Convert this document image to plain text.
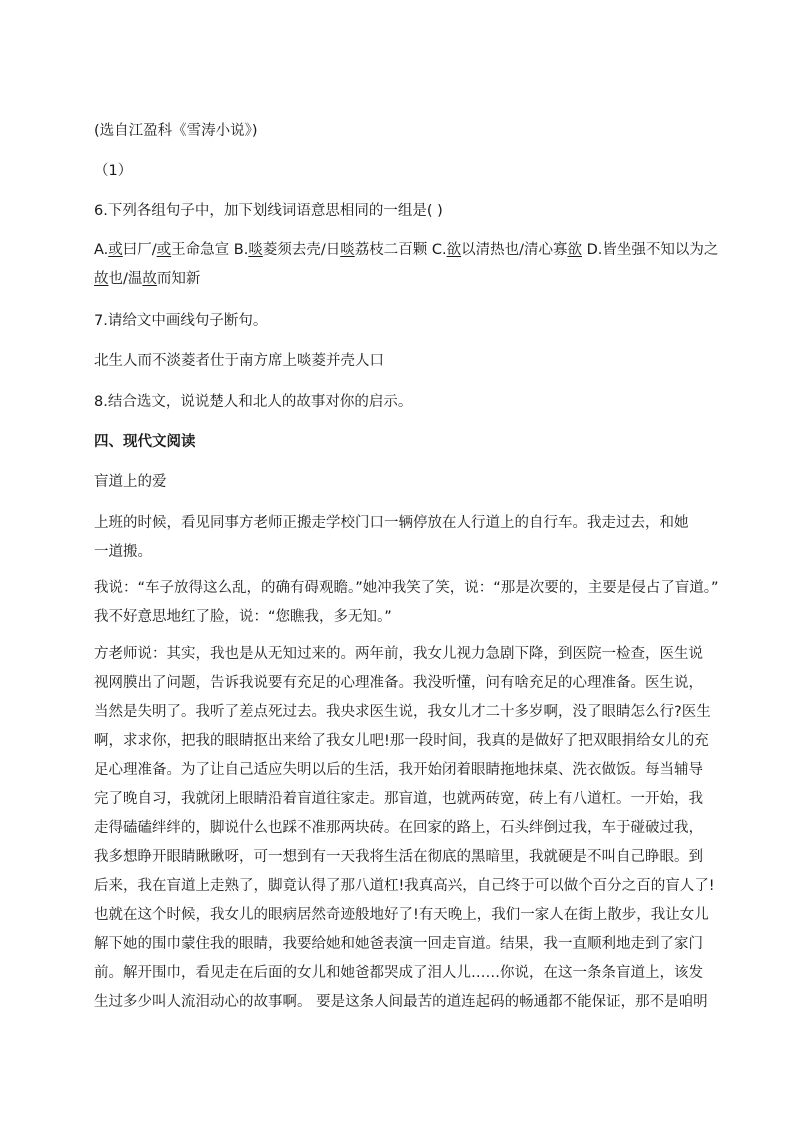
(选自江盈科《雪涛小说》)

（1）

6.下列各组句子中，加下划线词语意思相同的一组是( )

A.或曰厂/或王命急宣 B.啖菱须去壳/日啖荔枝二百颗 C.欲以清热也/清心寡欲 D.皆坐强不知以为之
故也/温故而知新

7.请给文中画线句子断句。

北生人而不淡菱者仕于南方席上啖菱并壳人口

8.结合选文，说说楚人和北人的故事对你的启示。

四、现代文阅读

盲道上的爱

上班的时候，看见同事方老师正搬走学校门口一辆停放在人行道上的自行车。我走过去，和她
一道搬。
我说：“车子放得这么乱，的确有碍观瞻。”她冲我笑了笑，说：“那是次要的，主要是侵占了盲道。”
我不好意思地红了脸，说：“您瞧我，多无知。”
方老师说：其实，我也是从无知过来的。两年前，我女儿视力急剧下降，到医院一检查，医生说
视网膜出了问题，告诉我说要有充足的心理准备。我没听懂，问有啥充足的心理准备。医生说，
当然是失明了。我听了差点死过去。我央求医生说，我女儿才二十多岁啊，没了眼睛怎么行?医生
啊，求求你，把我的眼睛抠出来给了我女儿吧!那一段时间，我真的是做好了把双眼捐给女儿的充
足心理准备。为了让自己适应失明以后的生活，我开始闭着眼睛拖地抹桌、洗衣做饭。每当辅导
完了晚自习，我就闭上眼睛沿着盲道往家走。那盲道，也就两砖宽，砖上有八道杠。一开始，我
走得磕磕绊绊的，脚说什么也踩不准那两块砖。在回家的路上，石头绊倒过我，车于碰破过我，
我多想睁开眼睛瞅瞅呀，可一想到有一天我将生活在彻底的黑暗里，我就硬是不叫自己睁眼。到
后来，我在盲道上走熟了，脚竟认得了那八道杠!我真高兴，自己终于可以做个百分之百的盲人了!
也就在这个时候，我女儿的眼病居然奇迹般地好了!有天晚上，我们一家人在街上散步，我让女儿
解下她的围巾蒙住我的眼睛，我要给她和她爸表演一回走盲道。结果，我一直顺利地走到了家门
前。解开围巾，看见走在后面的女儿和她爸都哭成了泪人儿……你说，在这一条条盲道上，该发
生过多少叫人流泪动心的故事啊。 要是这条人间最苦的道连起码的畅通都不能保证，那不是咱明
